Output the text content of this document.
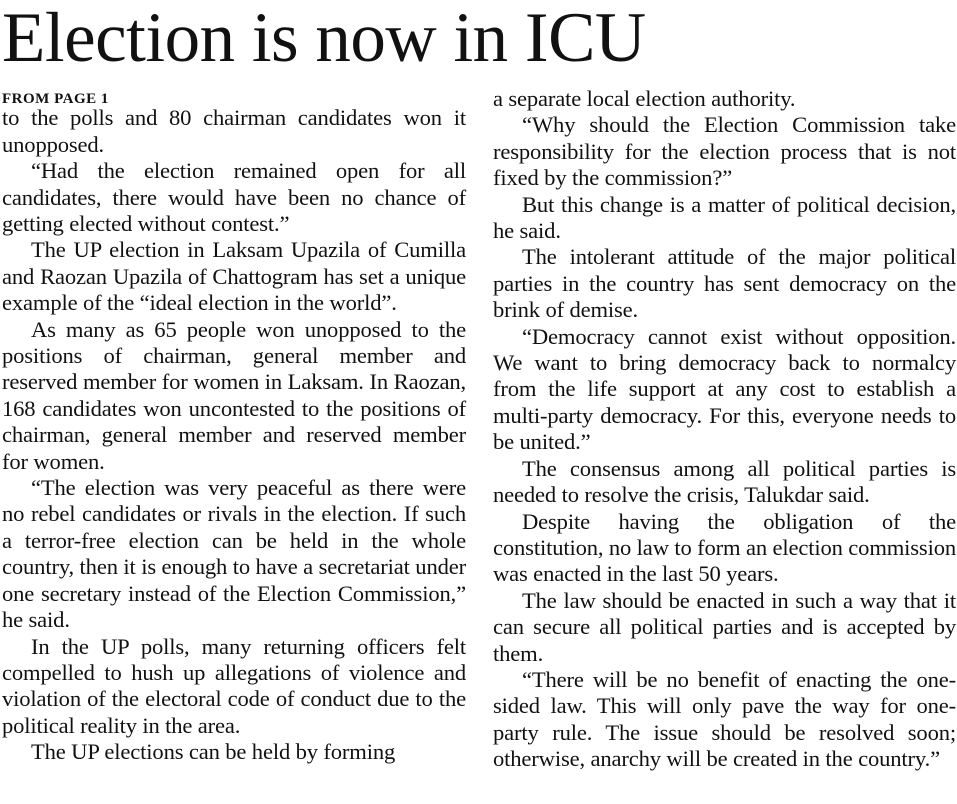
Election is now in ICU
FROM PAGE 1

to the polls and 80 chairman candidates won it unopposed.

“Had the election remained open for all candidates, there would have been no chance of getting elected without contest.”

The UP election in Laksam Upazila of Cumilla and Raozan Upazila of Chattogram has set a unique example of the “ideal election in the world”.

As many as 65 people won unopposed to the positions of chairman, general member and reserved member for women in Laksam. In Raozan, 168 candidates won uncontested to the positions of chairman, general member and reserved member for women.

“The election was very peaceful as there were no rebel candidates or rivals in the election. If such a terror-free election can be held in the whole country, then it is enough to have a secretariat under one secretary instead of the Election Commission,” he said.

In the UP polls, many returning officers felt compelled to hush up allegations of violence and violation of the electoral code of conduct due to the political reality in the area.

The UP elections can be held by forming

a separate local election authority.

“Why should the Election Commission take responsibility for the election process that is not fixed by the commission?”

But this change is a matter of political decision, he said.

The intolerant attitude of the major political parties in the country has sent democracy on the brink of demise.

“Democracy cannot exist without opposition. We want to bring democracy back to normalcy from the life support at any cost to establish a multi-party democracy. For this, everyone needs to be united.”

The consensus among all political parties is needed to resolve the crisis, Talukdar said.

Despite having the obligation of the constitution, no law to form an election commission was enacted in the last 50 years.

The law should be enacted in such a way that it can secure all political parties and is accepted by them.

“There will be no benefit of enacting the one-sided law. This will only pave the way for one-party rule. The issue should be resolved soon; otherwise, anarchy will be created in the country.”
